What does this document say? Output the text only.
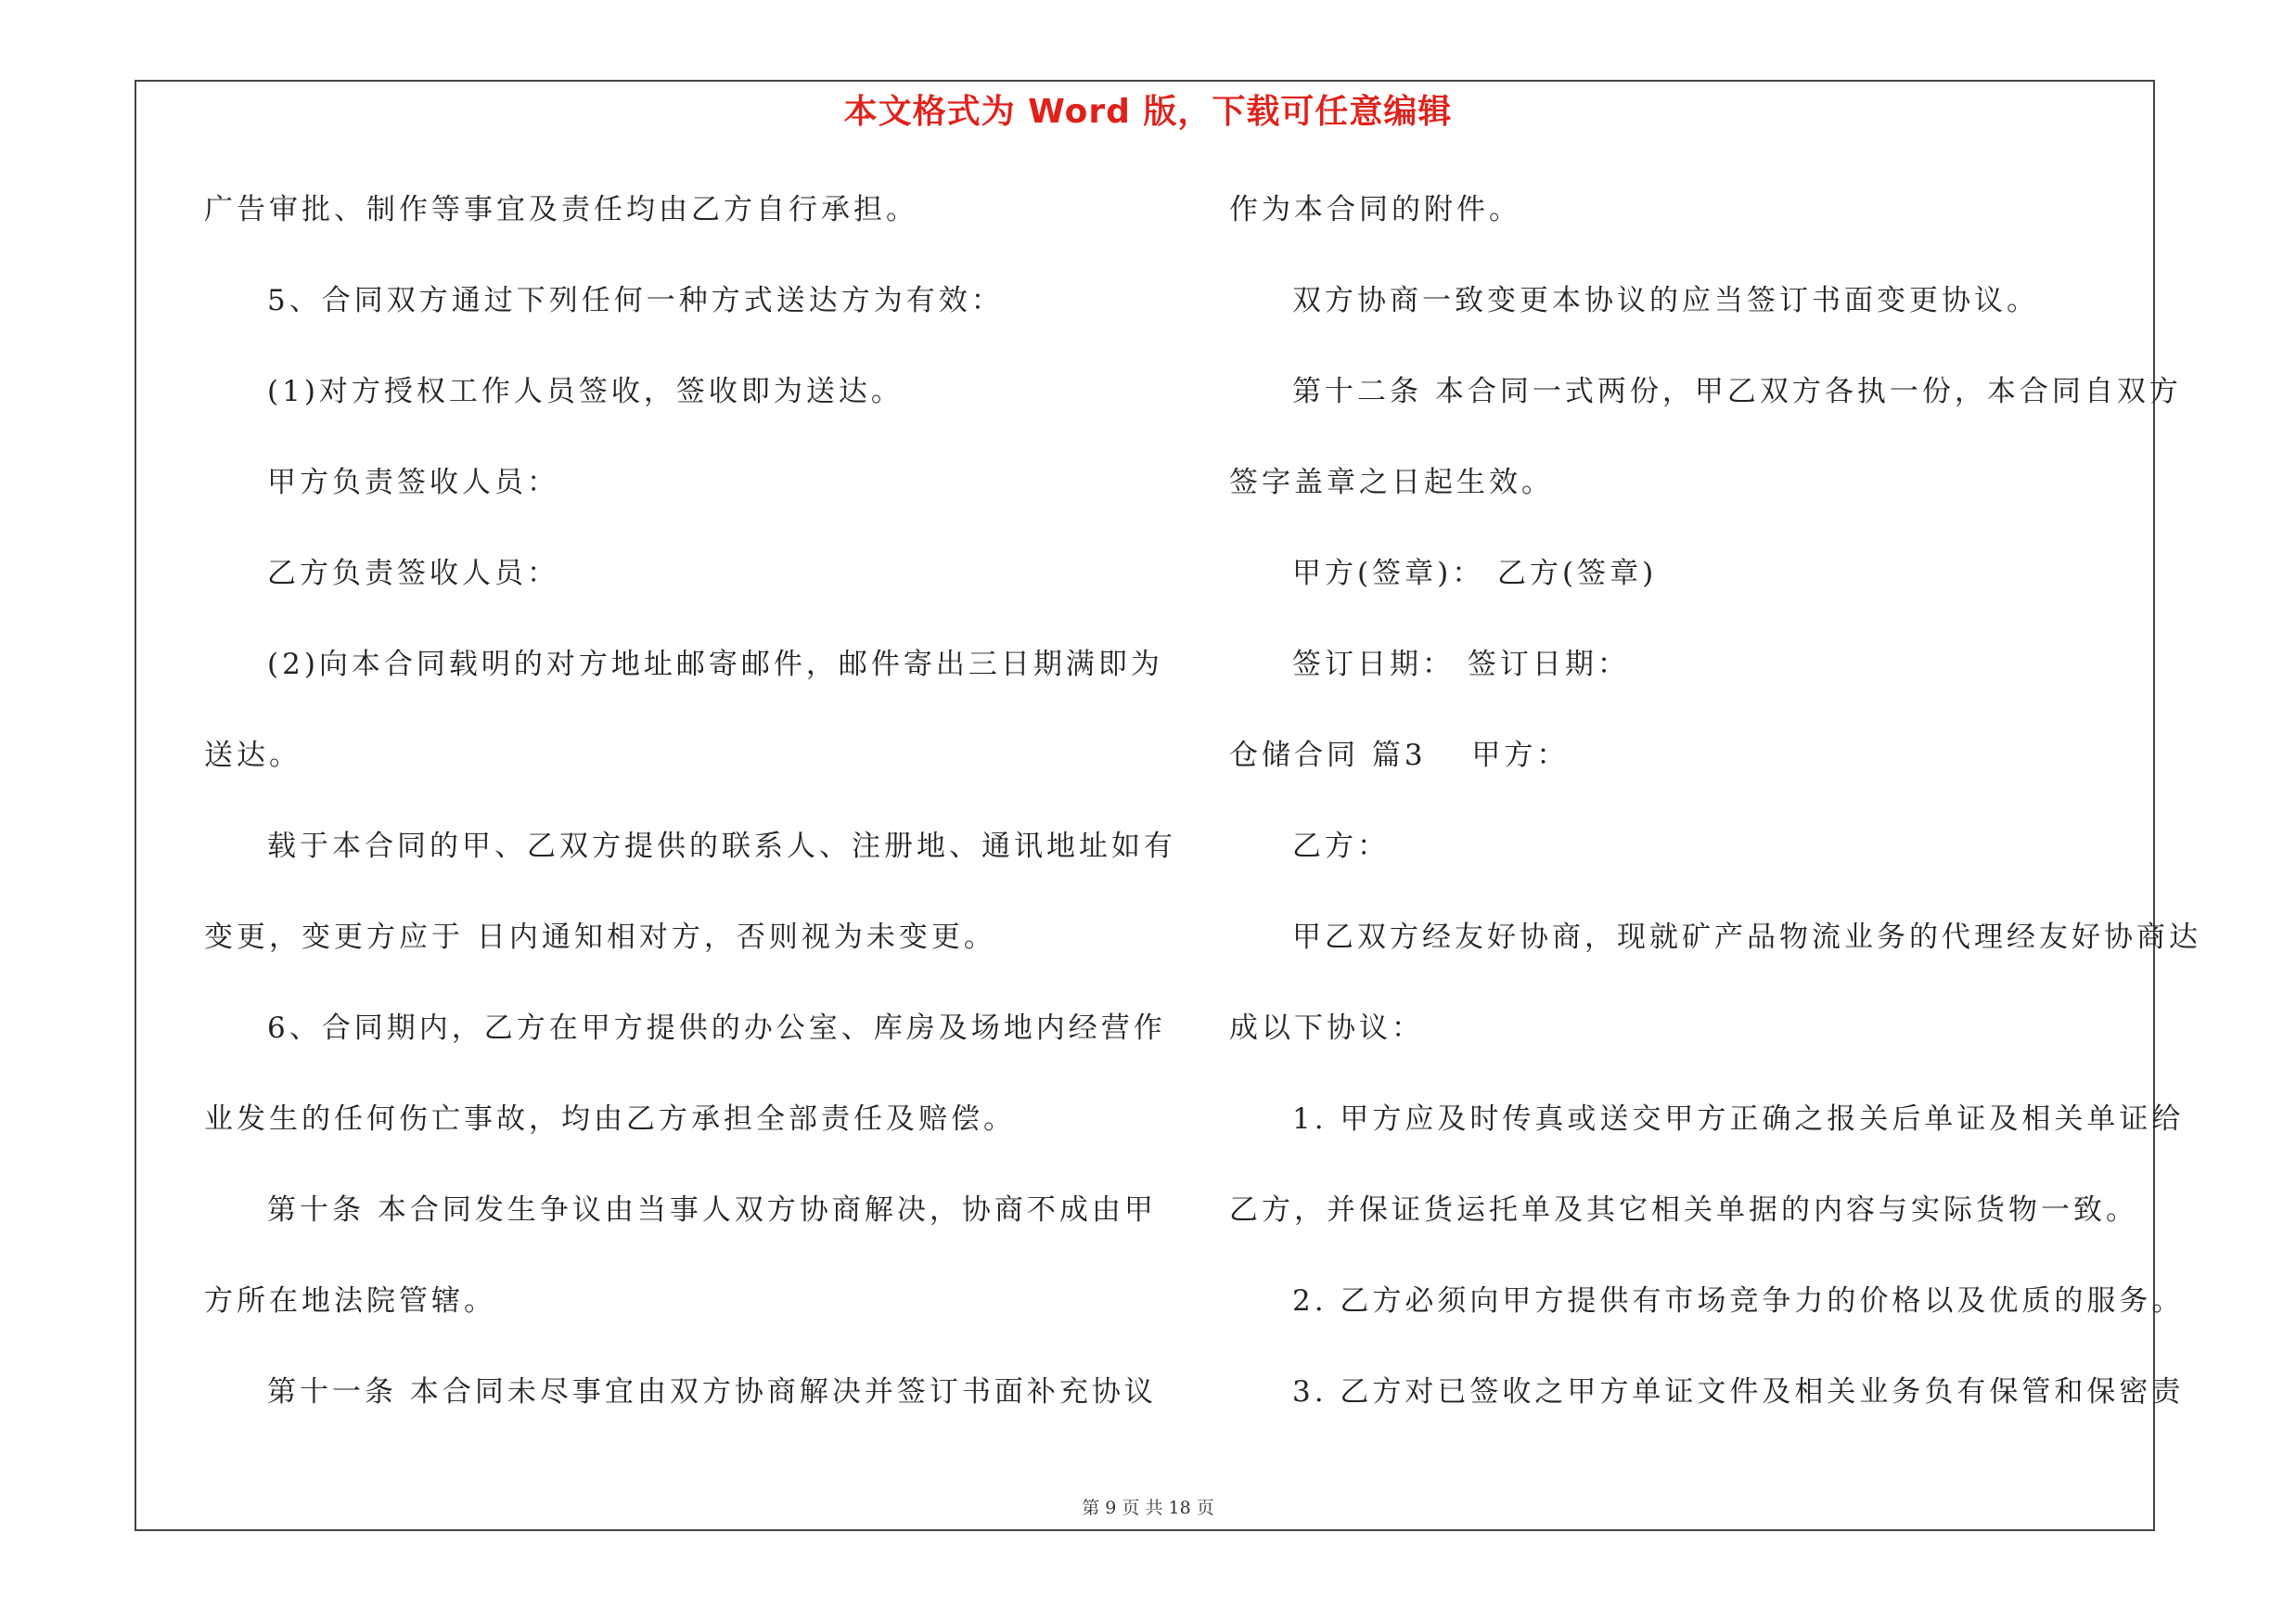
本文格式为 Word 版，下载可任意编辑
广告审批、制作等事宜及责任均由乙方自行承担。
5、合同双方通过下列任何一种方式送达方为有效：
(1)对方授权工作人员签收，签收即为送达。
甲方负责签收人员：
乙方负责签收人员：
(2)向本合同载明的对方地址邮寄邮件，邮件寄出三日期满即为
送达。
载于本合同的甲、乙双方提供的联系人、注册地、通讯地址如有
变更，变更方应于 日内通知相对方，否则视为未变更。
6、合同期内，乙方在甲方提供的办公室、库房及场地内经营作
业发生的任何伤亡事故，均由乙方承担全部责任及赔偿。
第十条 本合同发生争议由当事人双方协商解决，协商不成由甲
方所在地法院管辖。
第十一条 本合同未尽事宜由双方协商解决并签订书面补充协议
作为本合同的附件。
双方协商一致变更本协议的应当签订书面变更协议。
第十二条 本合同一式两份，甲乙双方各执一份，本合同自双方
签字盖章之日起生效。
甲方(签章)： 乙方(签章)
签订日期： 签订日期：
仓储合同 篇3　 甲方：
乙方：
甲乙双方经友好协商，现就矿产品物流业务的代理经友好协商达
成以下协议：
1. 甲方应及时传真或送交甲方正确之报关后单证及相关单证给
乙方，并保证货运托单及其它相关单据的内容与实际货物一致。
2. 乙方必须向甲方提供有市场竞争力的价格以及优质的服务。
3. 乙方对已签收之甲方单证文件及相关业务负有保管和保密责

第 9 页 共 18 页
